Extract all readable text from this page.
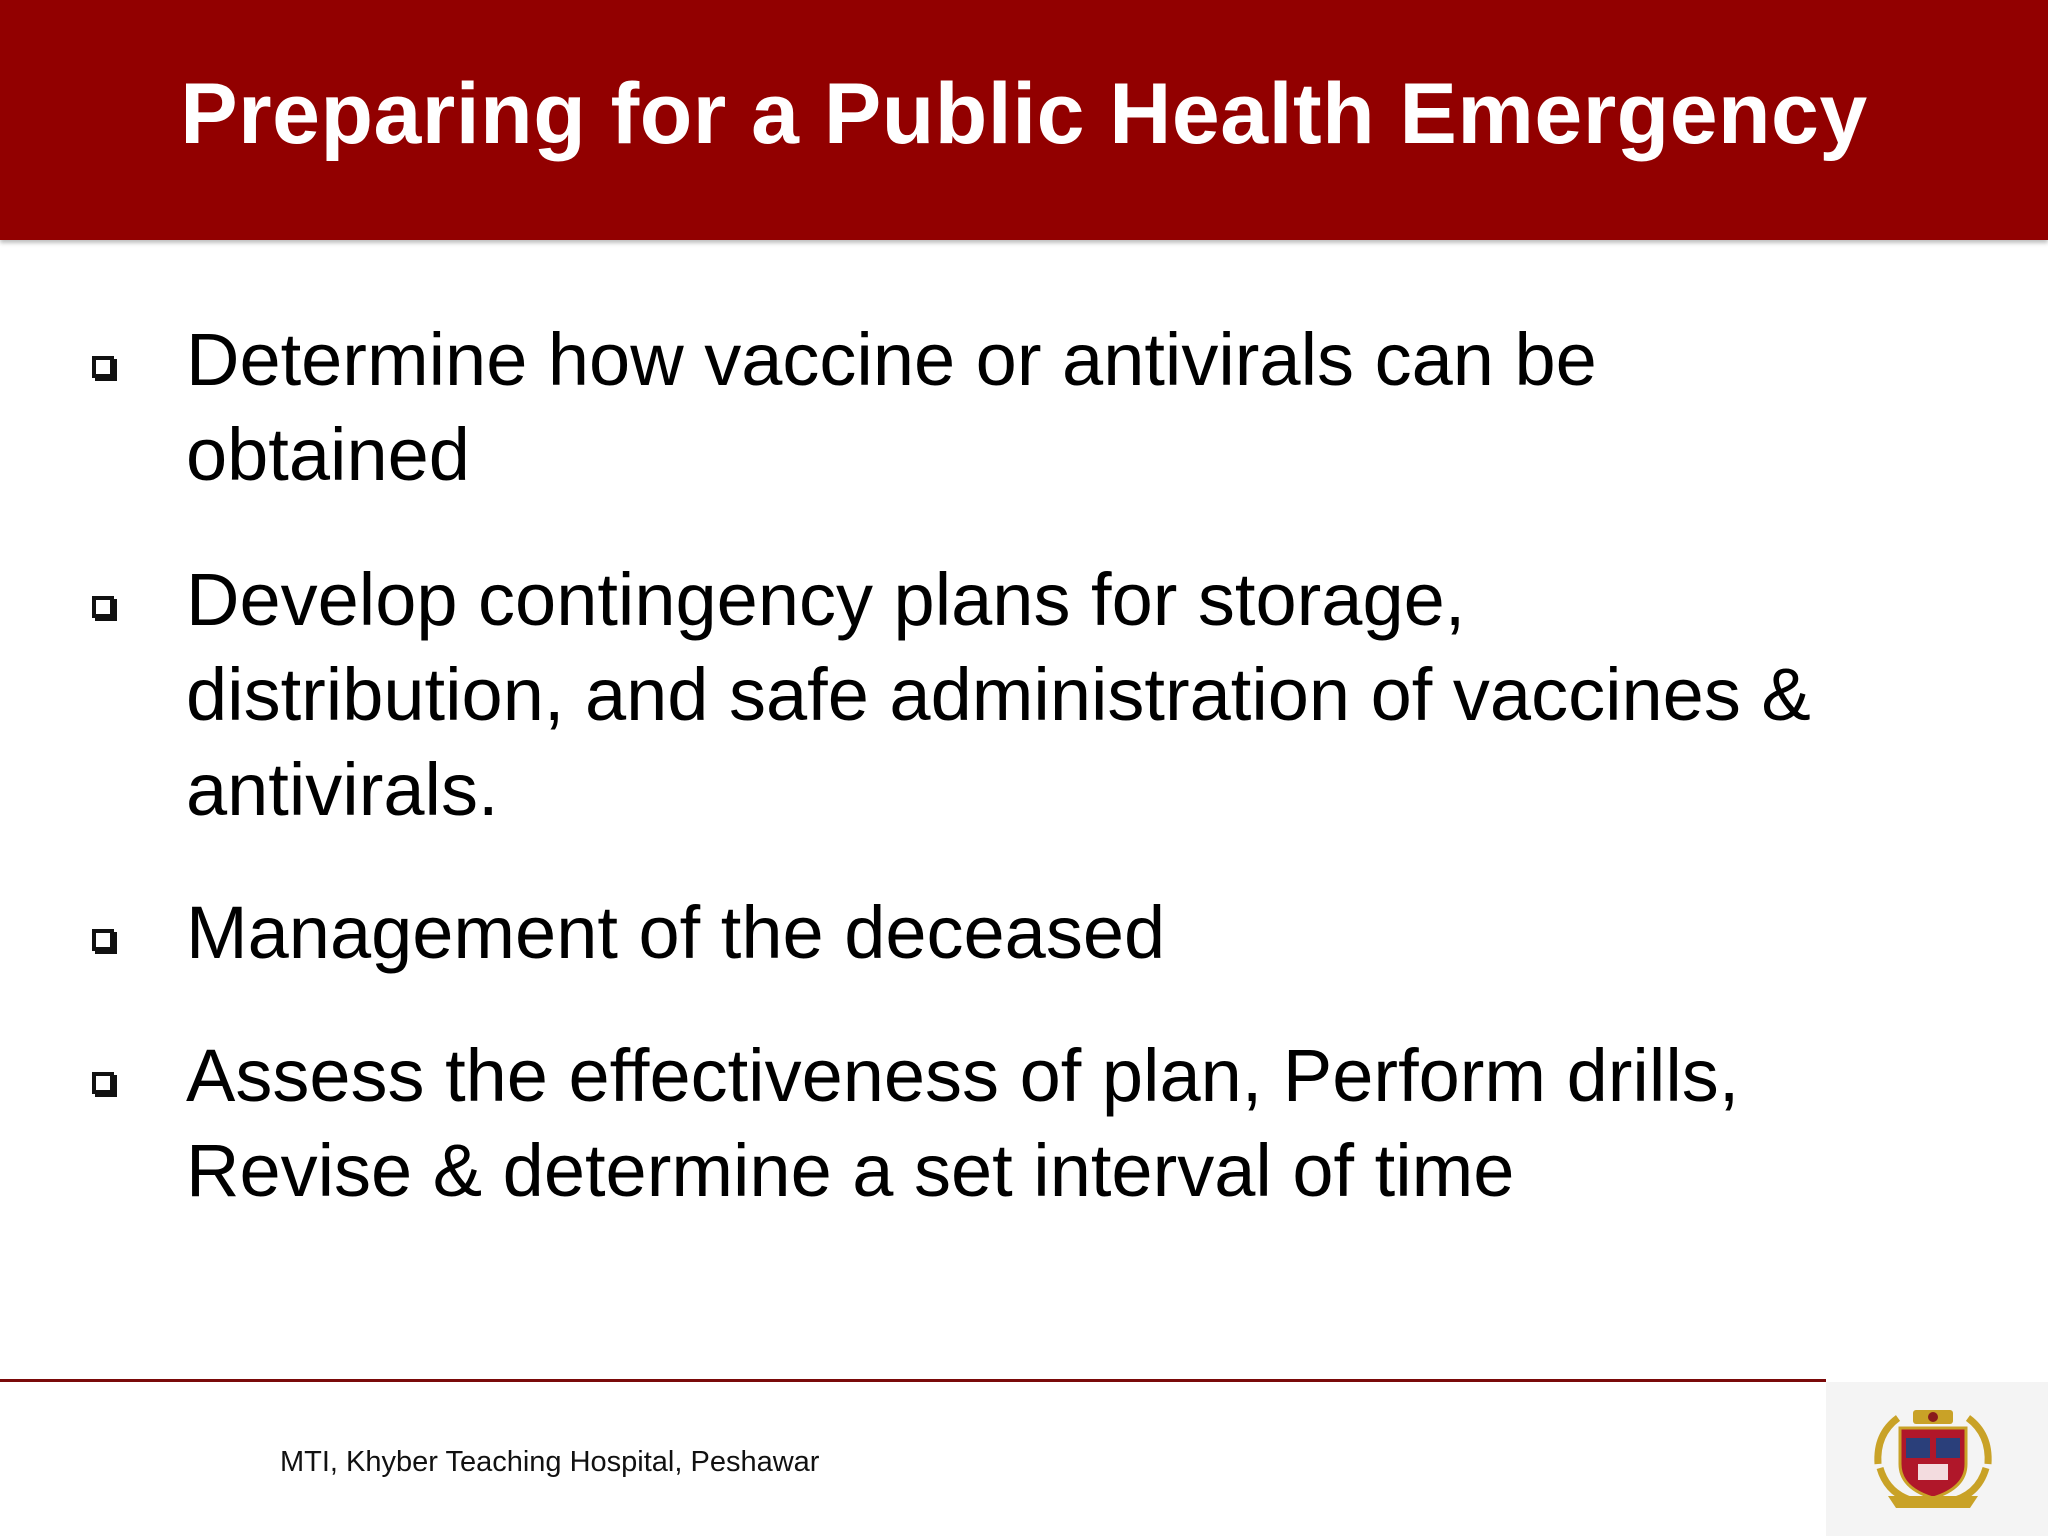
Preparing for a Public Health Emergency
Determine how vaccine or antivirals can be
obtained
Develop contingency plans for storage,
distribution, and safe administration of vaccines &
antivirals.
Management of the deceased
Assess the effectiveness of plan, Perform drills,
Revise & determine a set interval of time
MTI, Khyber Teaching Hospital, Peshawar
